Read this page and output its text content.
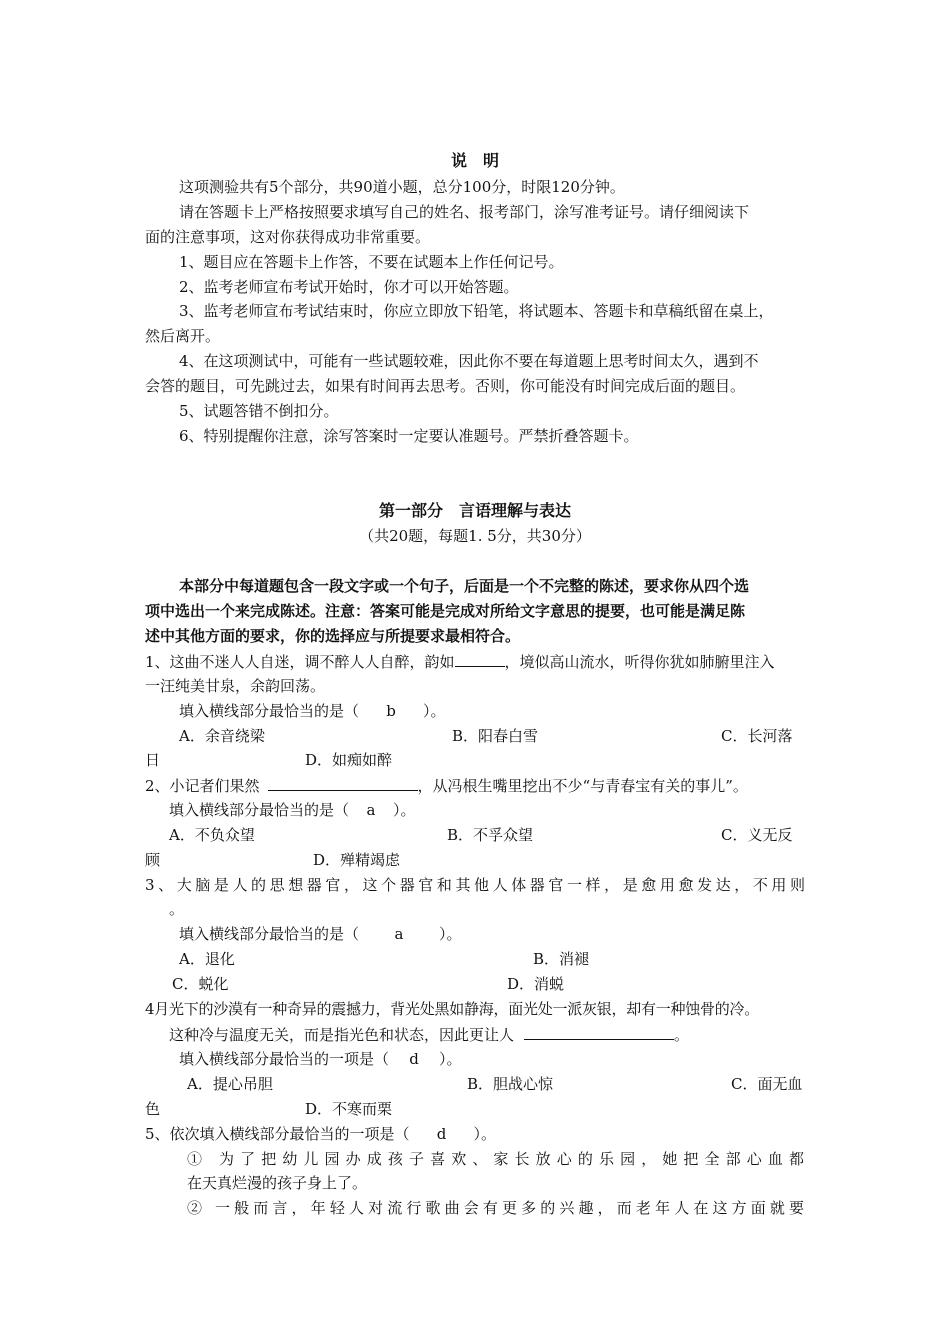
说　明
这项测验共有5个部分，共90道小题，总分100分，时限120分钟。
请在答题卡上严格按照要求填写自己的姓名、报考部门，涂写准考证号。请仔细阅读下
面的注意事项，这对你获得成功非常重要。
1、题目应在答题卡上作答，不要在试题本上作任何记号。
2、监考老师宣布考试开始时，你才可以开始答题。
3、监考老师宣布考试结束时，你应立即放下铅笔，将试题本、答题卡和草稿纸留在桌上，
然后离开。
4、在这项测试中，可能有一些试题较难，因此你不要在每道题上思考时间太久，遇到不
会答的题目，可先跳过去，如果有时间再去思考。否则，你可能没有时间完成后面的题目。
5、试题答错不倒扣分。
6、特别提醒你注意，涂写答案时一定要认准题号。严禁折叠答题卡。
第一部分　言语理解与表达
（共20题，每题1. 5分，共30分）
本部分中每道题包含一段文字或一个句子，后面是一个不完整的陈述，要求你从四个选
项中选出一个来完成陈述。注意：答案可能是完成对所给文字意思的提要，也可能是满足陈
述中其他方面的要求，你的选择应与所提要求最相符合。
1、这曲不迷人人自迷，调不醉人人自醉，韵如	，境似高山流水，听得你犹如肺腑里注入
一汪纯美甘泉，余韵回荡。
填入横线部分最恰当的是（ b ）。
A．余音绕梁	B．阳春白雪	C．长河落
日	D．如痴如醉
2、小记者们果然	，从冯根生嘴里挖出不少“与青春宝有关的事儿”。
填入横线部分最恰当的是（ a ）。
A．不负众望	B．不孚众望	C．义无反
顾	D．殚精竭虑
3、大脑是人的思想器官，这个器官和其他人体器官一样，是愈用愈发达，不用则
。
填入横线部分最恰当的是（ a ）。
A．退化	B．消褪
C．蜕化	D．消蜕
4月光下的沙漠有一种奇异的震撼力，背光处黑如静海，面光处一派灰银，却有一种蚀骨的冷。
这种冷与温度无关，而是指光色和状态，因此更让人	。
填入横线部分最恰当的一项是（ d ）。
A．提心吊胆	B．胆战心惊	C．面无血
色	D．不寒而栗
5、依次填入横线部分最恰当的一项是（ d ）。
① 为了把幼儿园办成孩子喜欢、家长放心的乐园，她把全部心血都
在天真烂漫的孩子身上了。
② 一般而言，年轻人对流行歌曲会有更多的兴趣，而老年人在这方面就要
